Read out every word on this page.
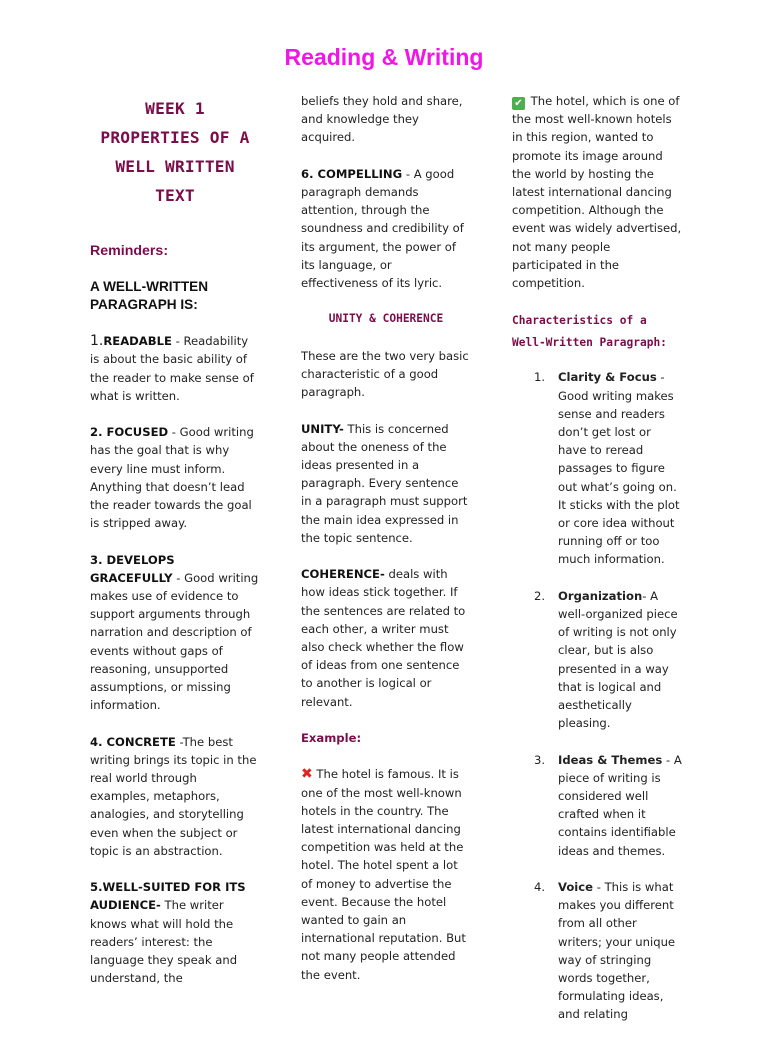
Reading & Writing
WEEK 1
PROPERTIES OF A
WELL WRITTEN
TEXT
Reminders:
A WELL-WRITTEN PARAGRAPH IS:

1.READABLE - Readability is about the basic ability of the reader to make sense of what is written.

2. FOCUSED - Good writing has the goal that is why every line must inform. Anything that doesn’t lead the reader towards the goal is stripped away.

3. DEVELOPS GRACEFULLY - Good writing makes use of evidence to support arguments through narration and description of events without gaps of reasoning, unsupported assumptions, or missing information.

4. CONCRETE -The best writing brings its topic in the real world through examples, metaphors, analogies, and storytelling even when the subject or topic is an abstraction.

5.WELL-SUITED FOR ITS AUDIENCE- The writer knows what will hold the readers’ interest: the language they speak and understand, the

beliefs they hold and share, and knowledge they acquired.

6. COMPELLING - A good paragraph demands attention, through the soundness and credibility of its argument, the power of its language, or effectiveness of its lyric.

UNITY & COHERENCE

These are the two very basic characteristic of a good paragraph.

UNITY- This is concerned about the oneness of the ideas presented in a paragraph. Every sentence in a paragraph must support the main idea expressed in the topic sentence.

COHERENCE- deals with how ideas stick together. If the sentences are related to each other, a writer must also check whether the flow of ideas from one sentence to another is logical or relevant.

Example:

✖ The hotel is famous. It is one of the most well-known hotels in the country. The latest international dancing competition was held at the hotel. The hotel spent a lot of money to advertise the event. Because the hotel wanted to gain an international reputation. But not many people attended the event.

✔ The hotel, which is one of the most well-known hotels in this region, wanted to promote its image around the world by hosting the latest international dancing competition. Although the event was widely advertised, not many people participated in the competition.

Characteristics of a Well-Written Paragraph:
1.	Clarity & Focus - Good writing makes sense and readers don’t get lost or have to reread passages to figure out what’s going on. It sticks with the plot or core idea without running off or too much information.
2.	Organization- A well-organized piece of writing is not only clear, but is also presented in a way that is logical and aesthetically pleasing.
3.	Ideas & Themes - A piece of writing is considered well crafted when it contains identifiable ideas and themes.
4.	Voice - This is what makes you different from all other writers; your unique way of stringing words together, formulating ideas, and relating
